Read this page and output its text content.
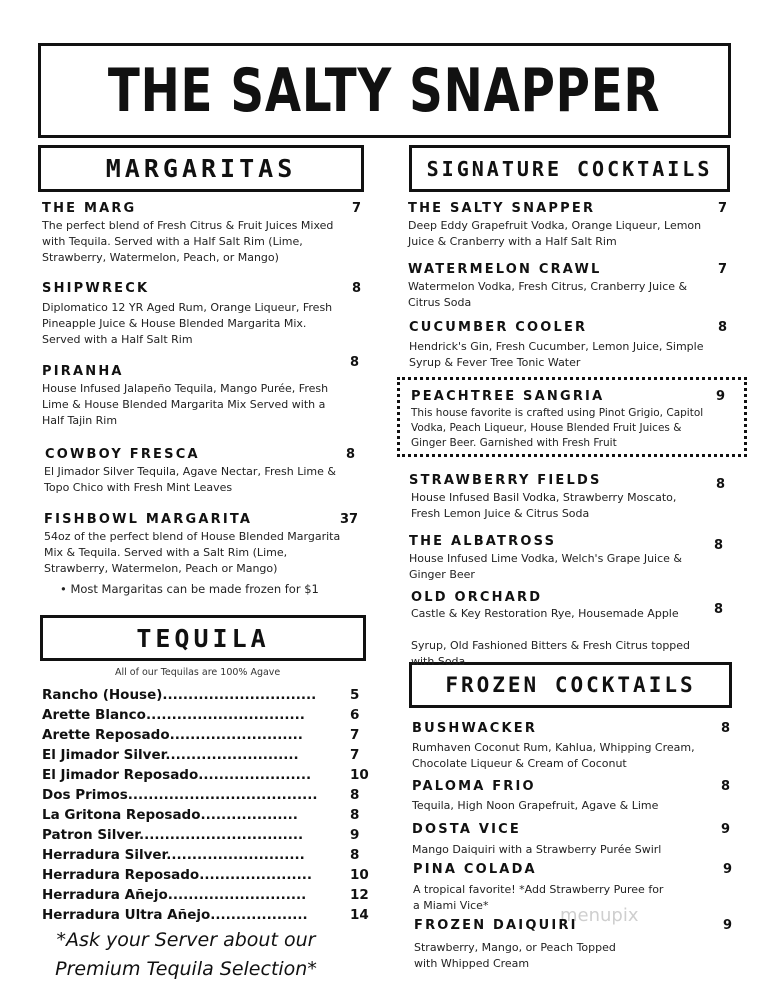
THE SALTY SNAPPER
MARGARITAS	SIGNATURE COCKTAILS
TEQUILA
FROZEN COCKTAILS
THE MARG	7
The perfect blend of Fresh Citrus & Fruit Juices Mixed with Tequila. Served with a Half Salt Rim (Lime, Strawberry, Watermelon, Peach, or Mango)
SHIPWRECK	8
Diplomatico 12 YR Aged Rum, Orange Liqueur, Fresh Pineapple Juice & House Blended Margarita Mix. Served with a Half Salt Rim
PIRANHA
8
House Infused Jalapeño Tequila, Mango Purée, Fresh Lime & House Blended Margarita Mix Served with a Half Tajin Rim
COWBOY FRESCA	8
El Jimador Silver Tequila, Agave Nectar, Fresh Lime & Topo Chico with Fresh Mint Leaves
FISHBOWL MARGARITA	37
54oz of the perfect blend of House Blended Margarita Mix & Tequila. Served with a Salt Rim (Lime, Strawberry, Watermelon, Peach or Mango)
• Most Margaritas can be made frozen for $1
All of our Tequilas are 100% Agave
Rancho (House)..............................	5
Arette Blanco...............................	6
Arette Reposado..........................	7
El Jimador Silver..........................	7
El Jimador Reposado......................	10
Dos Primos.....................................	8
La Gritona Reposado...................	8
Patron Silver................................	9
Herradura Silver...........................	8
Herradura Reposado......................	10
Herradura Añejo...........................	12
Herradura Ultra Añejo...................	14
*Ask your Server about our
Premium Tequila Selection*
THE SALTY SNAPPER	7
Deep Eddy Grapefruit Vodka, Orange Liqueur, Lemon Juice & Cranberry with a Half Salt Rim
WATERMELON CRAWL	7
Watermelon Vodka, Fresh Citrus, Cranberry Juice & Citrus Soda
CUCUMBER COOLER	8
Hendrick's Gin, Fresh Cucumber, Lemon Juice, Simple Syrup & Fever Tree Tonic Water
PEACHTREE SANGRIA	9
This house favorite is crafted using Pinot Grigio, Capitol Vodka, Peach Liqueur, House Blended Fruit Juices & Ginger Beer. Garnished with Fresh Fruit
STRAWBERRY FIELDS	8
House Infused Basil Vodka, Strawberry Moscato, Fresh Lemon Juice & Citrus Soda
THE ALBATROSS	8
House Infused Lime Vodka, Welch's Grape Juice & Ginger Beer
OLD ORCHARD
8
Castle & Key Restoration Rye, Housemade Apple
Syrup, Old Fashioned Bitters & Fresh Citrus topped with Soda
BUSHWACKER	8
Rumhaven Coconut Rum, Kahlua, Whipping Cream, Chocolate Liqueur & Cream of Coconut
PALOMA FRIO	8
Tequila, High Noon Grapefruit, Agave & Lime
DOSTA VICE	9
Mango Daiquiri with a Strawberry Purée Swirl
PINA COLADA	9
A tropical favorite! *Add Strawberry Puree for a Miami Vice*	menupix
FROZEN DAIQUIRI	9
Strawberry, Mango, or Peach Topped with Whipped Cream
